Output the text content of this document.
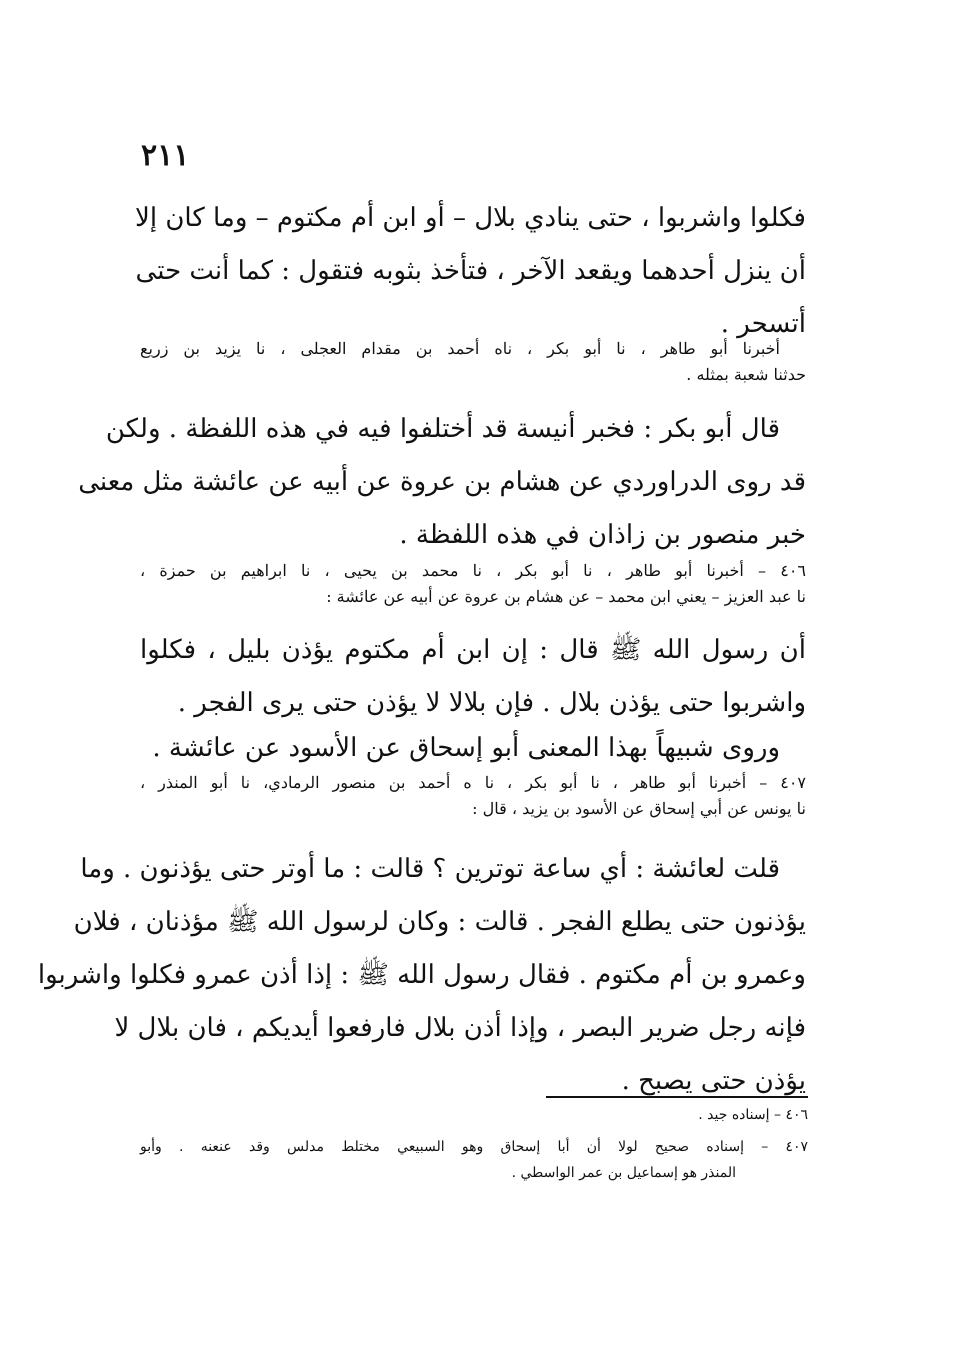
٢١١
فكلوا واشربوا ، حتى ينادي بلال – أو ابن أم مكتوم – وما كان إلا
أن ينزل أحدهما ويقعد الآخر ، فتأخذ بثوبه فتقول : كما أنت حتى
أتسحر .
أخبرنا أبو طاهر ، نا أبو بكر ، ناه أحمد بن مقدام العجلى ، نا يزيد بن زريع
حدثنا شعبة بمثله .
قال أبو بكر : فخبر أنيسة قد أختلفوا فيه في هذه اللفظة . ولكن
قد روى الدراوردي عن هشام بن عروة عن أبيه عن عائشة مثل معنى
خبر منصور بن زاذان في هذه اللفظة .
٤٠٦ – أخبرنا أبو طاهر ، نا أبو بكر ، نا محمد بن يحيى ، نا ابراهيم بن حمزة ،
نا عبد العزيز – يعني ابن محمد – عن هشام بن عروة عن أبيه عن عائشة :
أن رسول الله ﷺ قال : إن ابن أم مكتوم يؤذن بليل ، فكلوا
واشربوا حتى يؤذن بلال . فإن بلالا لا يؤذن حتى يرى الفجر .
وروى شبيهاً بهذا المعنى أبو إسحاق عن الأسود عن عائشة .
٤٠٧ – أخبرنا أبو طاهر ، نا أبو بكر ، نا ه أحمد بن منصور الرمادي، نا أبو المنذر ،
نا يونس عن أبي إسحاق عن الأسود بن يزيد ، قال :
قلت لعائشة : أي ساعة توترين ؟ قالت : ما أوتر حتى يؤذنون . وما
يؤذنون حتى يطلع الفجر . قالت : وكان لرسول الله ﷺ مؤذنان ، فلان
وعمرو بن أم مكتوم . فقال رسول الله ﷺ : إذا أذن عمرو فكلوا واشربوا
فإنه رجل ضرير البصر ، وإذا أذن بلال فارفعوا أيديكم ، فان بلال لا
يؤذن حتى يصبح .
٤٠٦ – إسناده جيد .
٤٠٧ – إسناده صحيح لولا أن أبا إسحاق وهو السبيعي مختلط مدلس وقد عنعنه . وأبو
المنذر هو إسماعيل بن عمر الواسطي .
